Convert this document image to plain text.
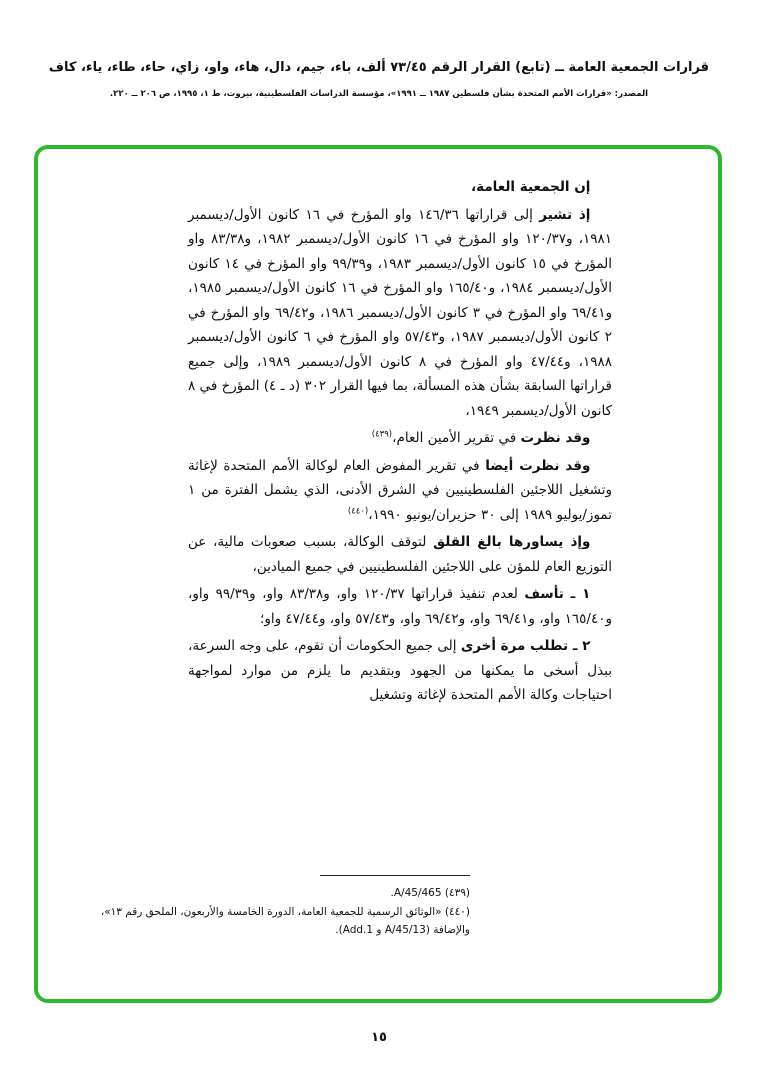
قرارات الجمعية العامة ــ (تابع) القرار الرقم ٧٣/٤٥ ألف، باء، جيم، دال، هاء، واو، زاي، حاء، طاء، ياء، كاف
المصدر: «قرارات الأمم المتحدة بشأن فلسطين ١٩٨٧ ــ ١٩٩١»، مؤسسة الدراسات الفلسطينية، بيروت، ط ١، ١٩٩٥، ص ٢٠٦ ــ ٢٢٠.

إن الجمعية العامة،

إذ تشير إلى قراراتها ١٤٦/٣٦ واو المؤرخ في ١٦ كانون الأول/ديسمبر ١٩٨١، و١٢٠/٣٧ واو المؤرخ في ١٦ كانون الأول/ديسمبر ١٩٨٢، و٨٣/٣٨ واو المؤرخ في ١٥ كانون الأول/ديسمبر ١٩٨٣، و٩٩/٣٩ واو المؤرخ في ١٤ كانون الأول/ديسمبر ١٩٨٤، و١٦٥/٤٠ واو المؤرخ في ١٦ كانون الأول/ديسمبر ١٩٨٥، و٦٩/٤١ واو المؤرخ في ٣ كانون الأول/ديسمبر ١٩٨٦، و٦٩/٤٢ واو المؤرخ في ٢ كانون الأول/ديسمبر ١٩٨٧، و٥٧/٤٣ واو المؤرخ في ٦ كانون الأول/ديسمبر ١٩٨٨، و٤٧/٤٤ واو المؤرخ في ٨ كانون الأول/ديسمبر ١٩٨٩، وإلى جميع قراراتها السابقة بشأن هذه المسألة، بما فيها القرار ٣٠٢ (د ـ ٤) المؤرخ في ٨ كانون الأول/ديسمبر ١٩٤٩،

وقد نظرت في تقرير الأمين العام،$^{(٤٣٩)}$

وقد نظرت أيضا في تقرير المفوض العام لوكالة الأمم المتحدة لإغاثة وتشغيل اللاجئين الفلسطينيين في الشرق الأدنى، الذي يشمل الفترة من ١ تموز/يوليو ١٩٨٩ إلى ٣٠ حزيران/يونيو ١٩٩٠،$^{(٤٤٠)}$

وإذ يساورها بالغ القلق لتوقف الوكالة، بسبب صعوبات مالية، عن التوزيع العام للمؤن على اللاجئين الفلسطينيين في جميع الميادين،

١ ـ تأسف لعدم تنفيذ قراراتها ١٢٠/٣٧ واو، و٨٣/٣٨ واو، و٩٩/٣٩ واو، و١٦٥/٤٠ واو، و٦٩/٤١ واو، و٦٩/٤٢ واو، و٥٧/٤٣ واو، و٤٧/٤٤ واو؛

٢ ـ تطلب مرة أخرى إلى جميع الحكومات أن تقوم، على وجه السرعة، ببذل أسخى ما يمكنها من الجهود وبتقديم ما يلزم من موارد لمواجهة احتياجات وكالة الأمم المتحدة لإغاثة وتشغيل

(٤٣٩) A/45/465.

(٤٤٠) «الوثائق الرسمية للجمعية العامة، الدورة الخامسة والأربعون، الملحق رقم ١٣»، والإضافة (A/45/13 و Add.1).

١٥
